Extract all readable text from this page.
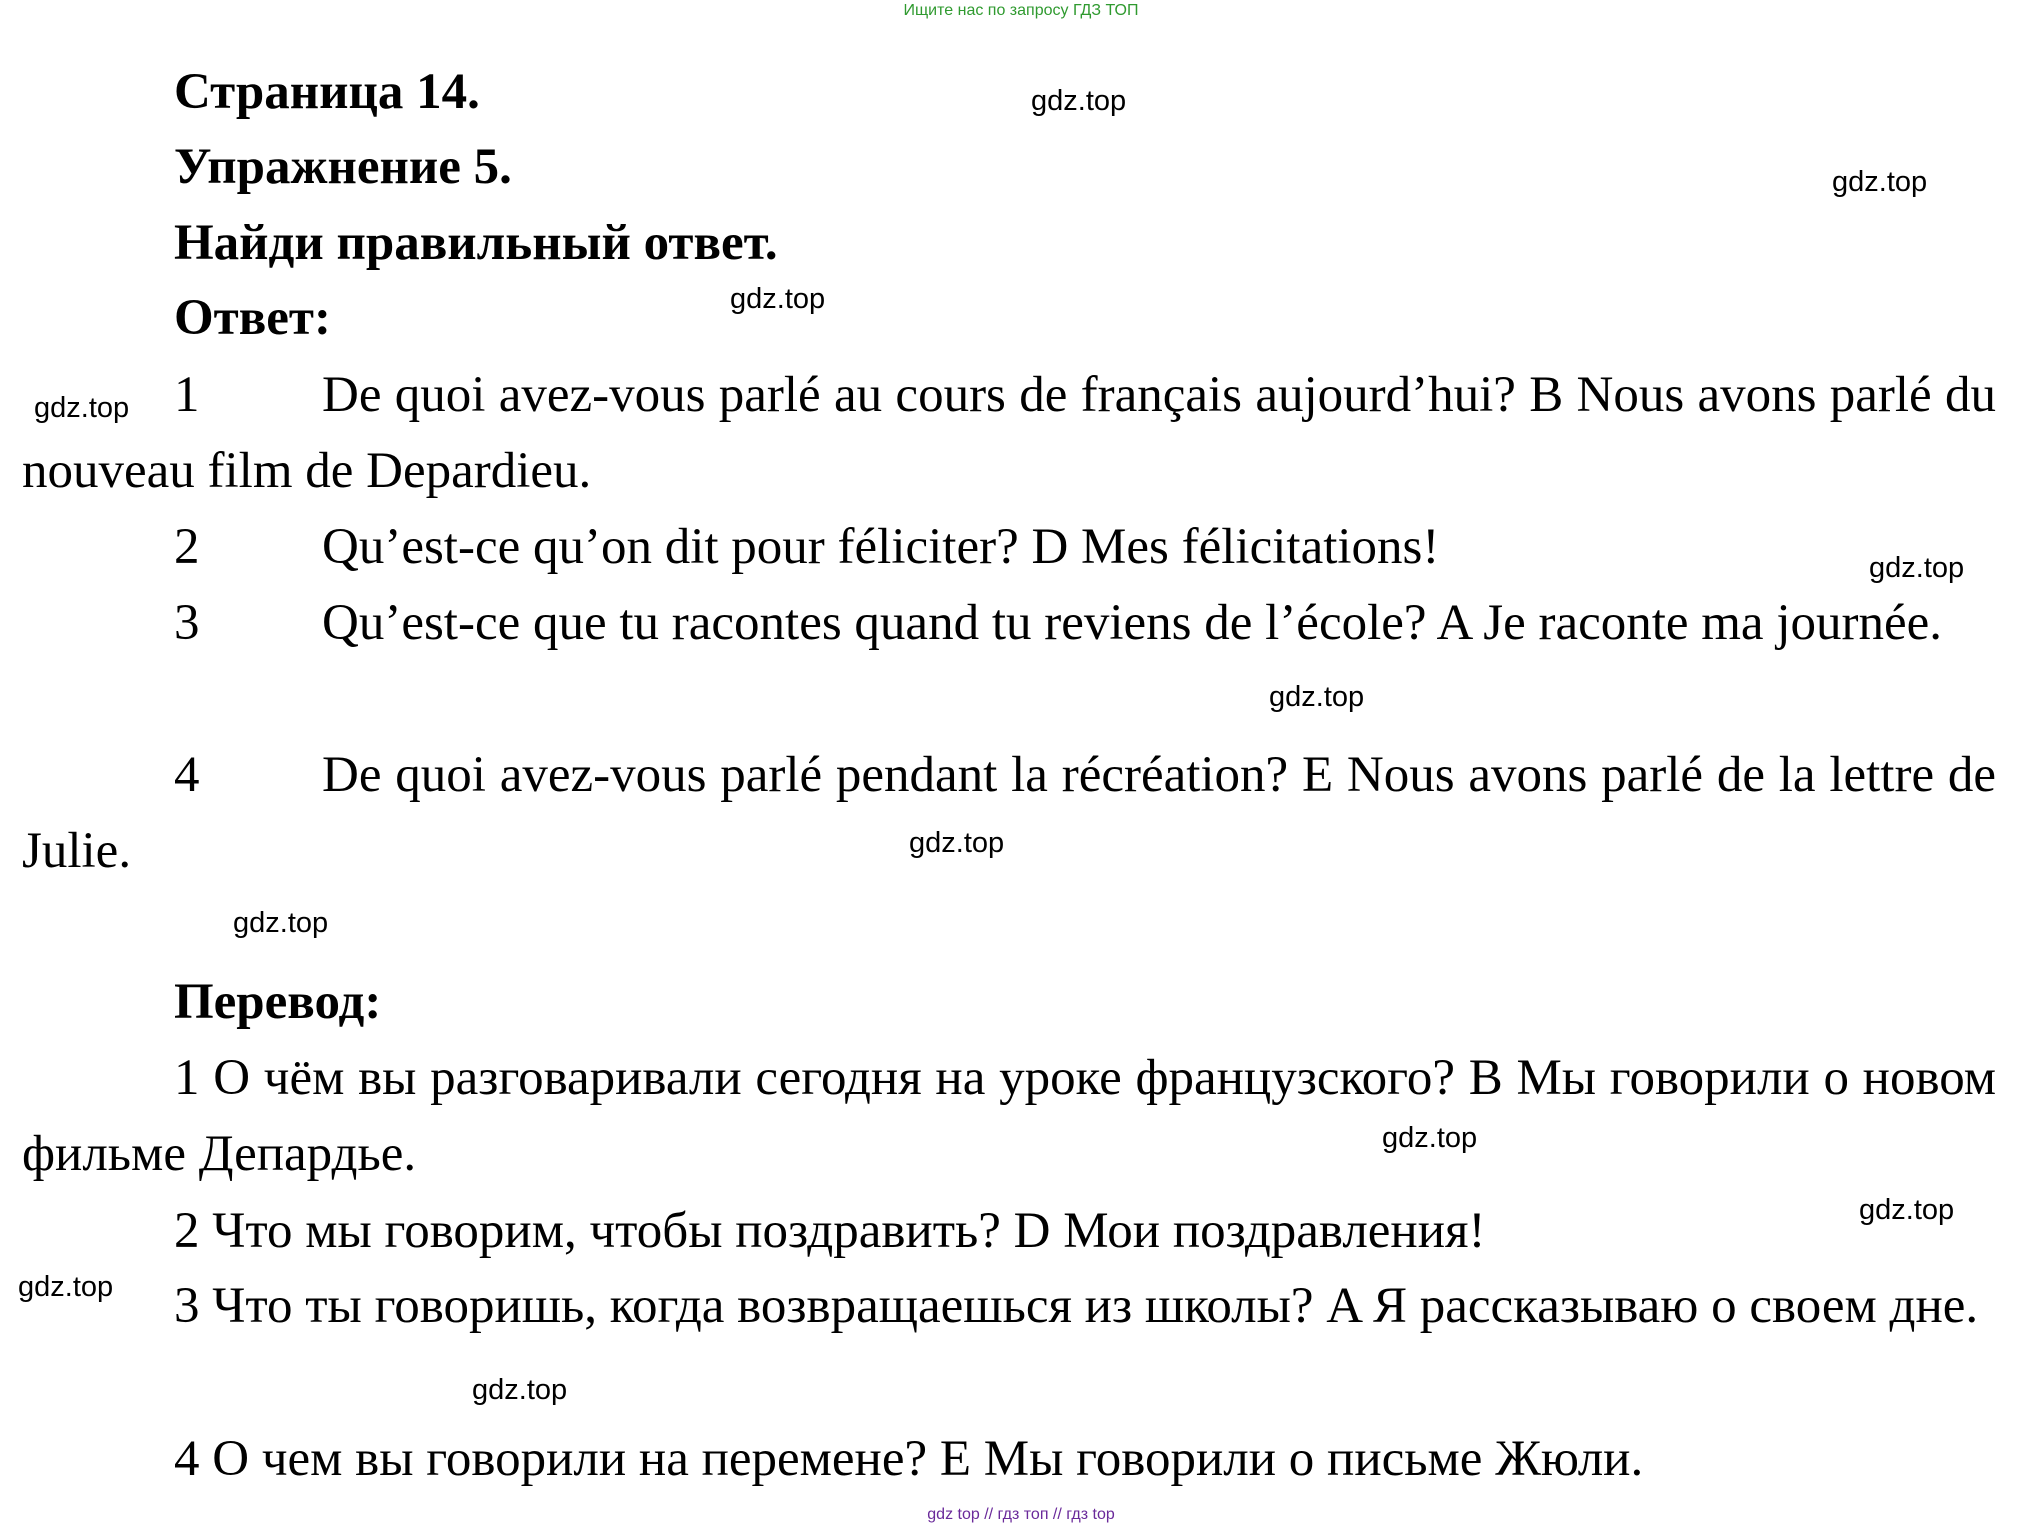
Ищите нас по запросу ГДЗ ТОП
Страница 14.
Упражнение 5.
Найди правильный ответ.
Ответ:
1 De quoi avez-vous parlé au cours de français aujourd’hui? B Nous avons parlé du nouveau film de Depardieu.
2 Qu’est-ce qu’on dit pour féliciter? D Mes félicitations!
3 Qu’est-ce que tu racontes quand tu reviens de l’école? A Je raconte ma journée.
4 De quoi avez-vous parlé pendant la récréation? E Nous avons parlé de la lettre de Julie.
Перевод:
1 О чём вы разговаривали сегодня на уроке французского? B Мы говорили о новом фильме Депардье.
2 Что мы говорим, чтобы поздравить? D Мои поздравления!
3 Что ты говоришь, когда возвращаешься из школы? A Я рассказываю о своем дне.
4 О чем вы говорили на перемене? E Мы говорили о письме Жюли.
gdz.top
gdz.top
gdz.top
gdz.top
gdz.top
gdz.top
gdz.top
gdz.top
gdz.top
gdz.top
gdz.top
gdz.top
gdz top // гдз топ // гдз top
